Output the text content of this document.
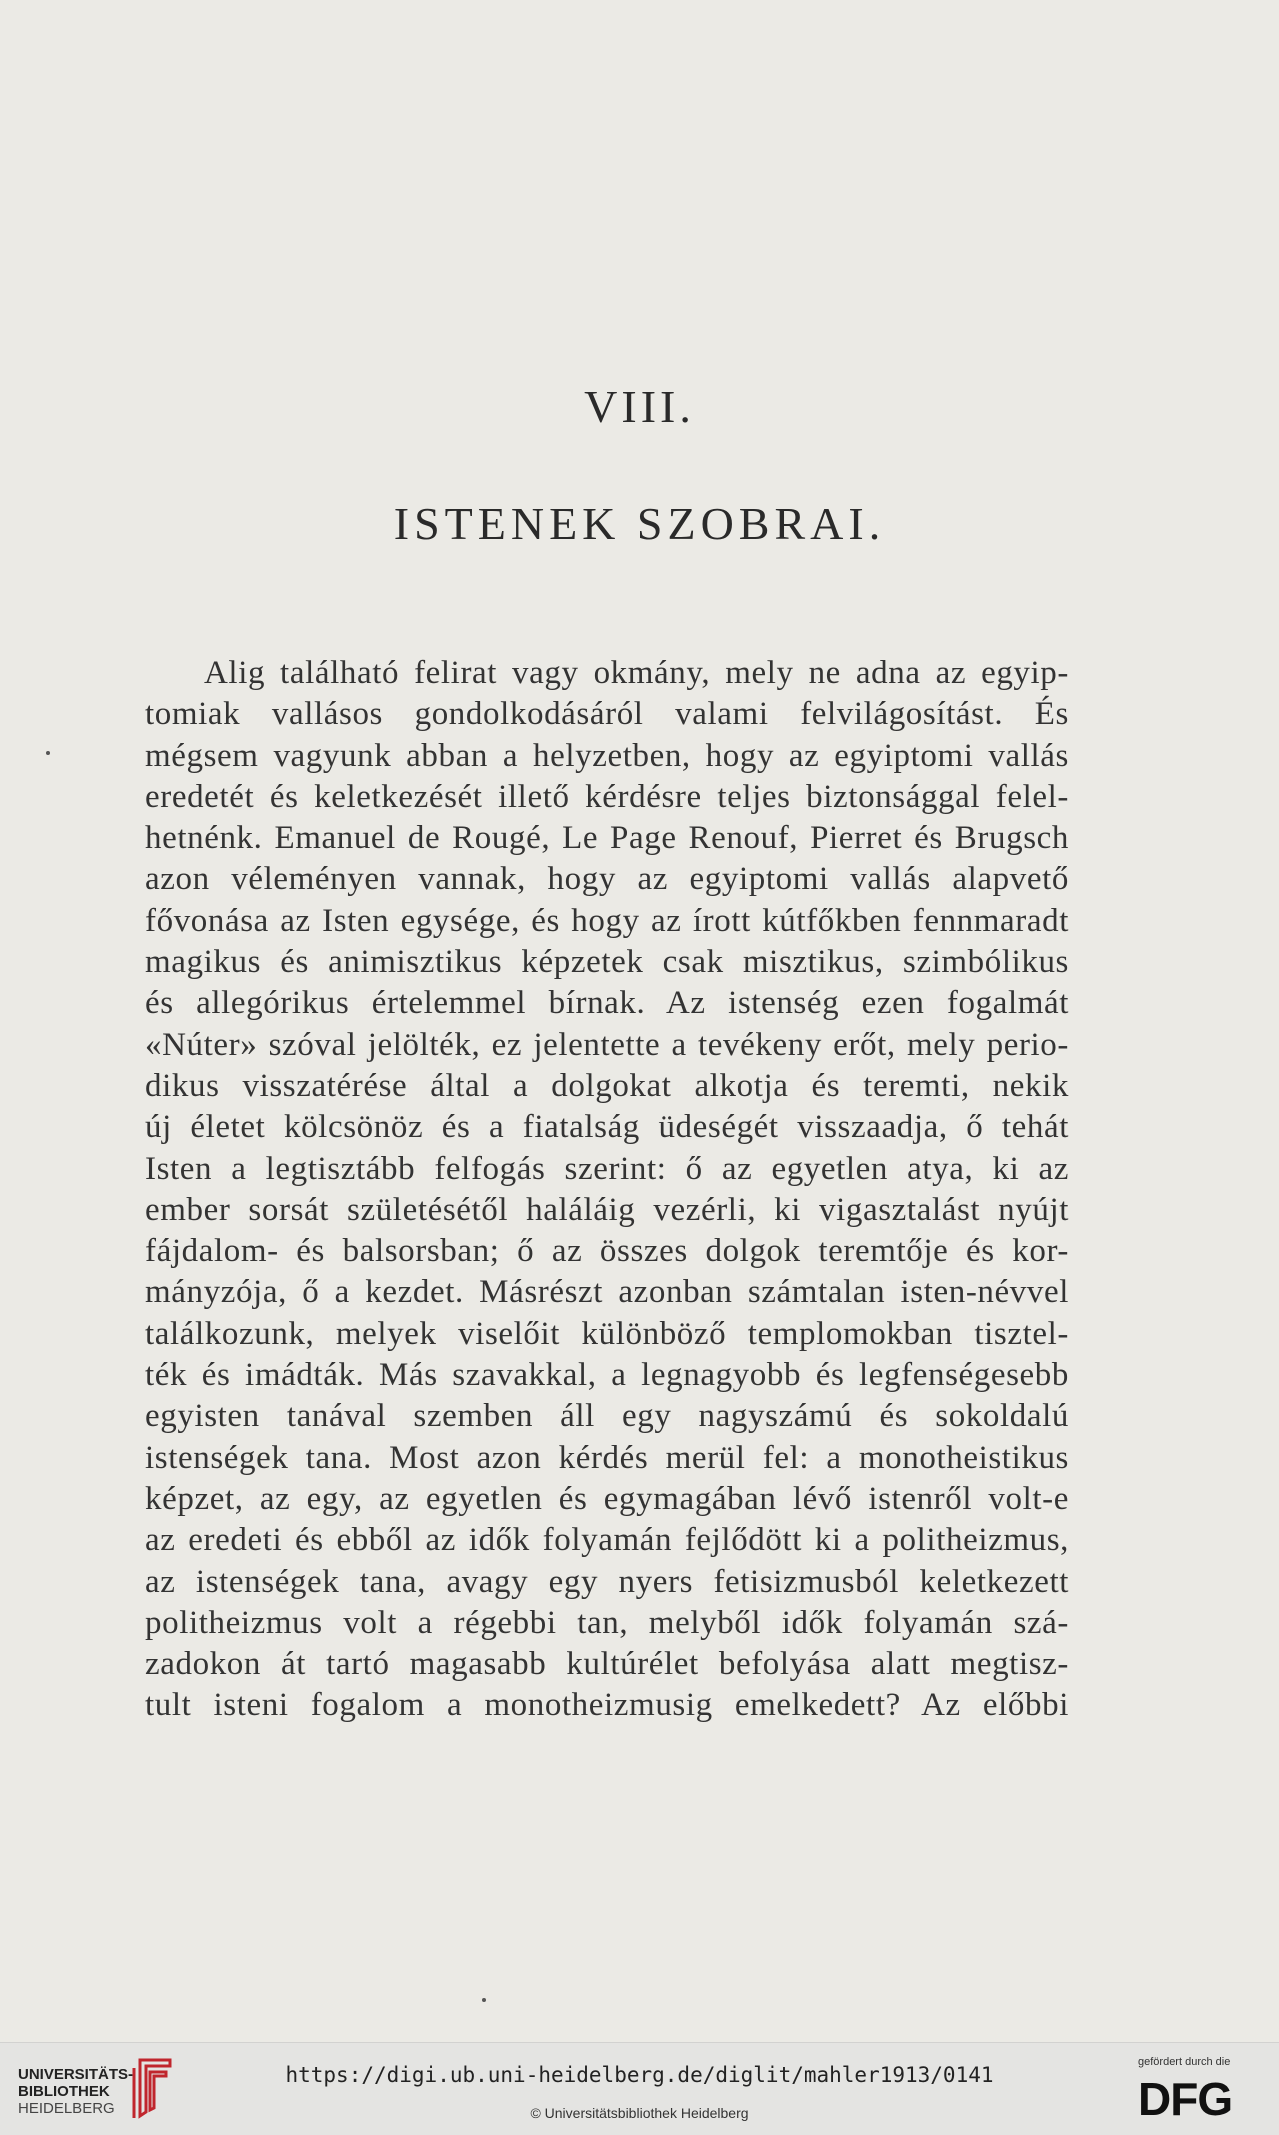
VIII.
ISTENEK SZOBRAI.
Alig található felirat vagy okmány, mely ne adna az egyip-
tomiak vallásos gondolkodásáról valami felvilágosítást. És
mégsem vagyunk abban a helyzetben, hogy az egyiptomi vallás
eredetét és keletkezését illető kérdésre teljes biztonsággal felel-
hetnénk. Emanuel de Rougé, Le Page Renouf, Pierret és Brugsch
azon véleményen vannak, hogy az egyiptomi vallás alapvető
fővonása az Isten egysége, és hogy az írott kútfőkben fennmaradt
magikus és animisztikus képzetek csak misztikus, szimbólikus
és allegórikus értelemmel bírnak. Az istenség ezen fogalmát
«Núter» szóval jelölték, ez jelentette a tevékeny erőt, mely perio-
dikus visszatérése által a dolgokat alkotja és teremti, nekik
új életet kölcsönöz és a fiatalság üdeségét visszaadja, ő tehát
Isten a legtisztább felfogás szerint: ő az egyetlen atya, ki az
ember sorsát születésétől haláláig vezérli, ki vigasztalást nyújt
fájdalom- és balsorsban; ő az összes dolgok teremtője és kor-
mányzója, ő a kezdet. Másrészt azonban számtalan isten-névvel
találkozunk, melyek viselőit különböző templomokban tisztel-
ték és imádták. Más szavakkal, a legnagyobb és legfenségesebb
egyisten tanával szemben áll egy nagyszámú és sokoldalú
istenségek tana. Most azon kérdés merül fel: a monotheistikus
képzet, az egy, az egyetlen és egymagában lévő istenről volt-e
az eredeti és ebből az idők folyamán fejlődött ki a politheizmus,
az istenségek tana, avagy egy nyers fetisizmusból keletkezett
politheizmus volt a régebbi tan, melyből idők folyamán szá-
zadokon át tartó magasabb kultúrélet befolyása alatt megtisz-
tult isteni fogalom a monotheizmusig emelkedett? Az előbbi
UNIVERSITÄTS-
BIBLIOTHEK
HEIDELBERG
https://digi.ub.uni-heidelberg.de/diglit/mahler1913/0141
© Universitätsbibliothek Heidelberg
gefördert durch die
DFG
